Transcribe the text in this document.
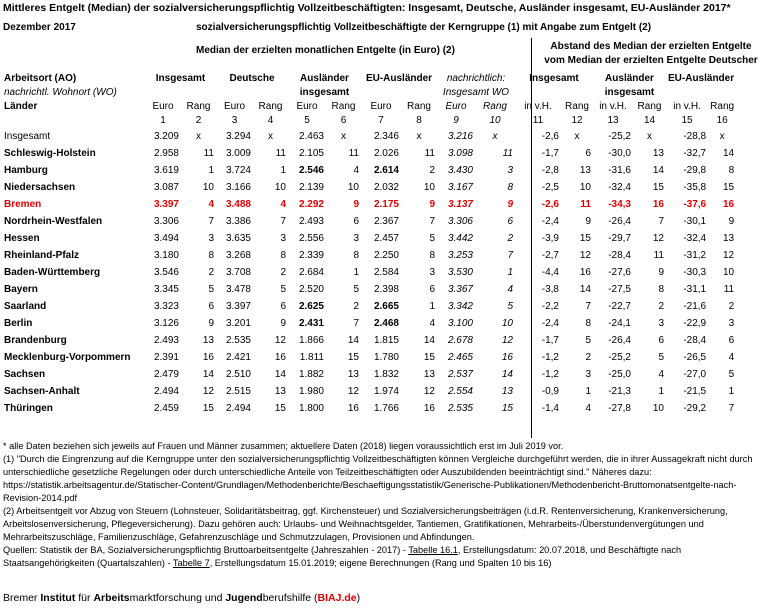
Mittleres Entgelt (Median) der sozialversicherungspflichtig Vollzeitbeschäftigten: Insgesamt, Deutsche, Ausländer insgesamt, EU-Ausländer 2017*
Dezember 2017	sozialversicherungspflichtig Vollzeitbeschäftigte der Kerngruppe (1) mit Angabe zum Entgelt (2)
Median der erzielten monatlichen Entgelte (in Euro) (2)	Abstand des Median der erzielten Entgelte vom Median der erzielten Entgelte Deutscher
Arbeitsort (AO)	Insgesamt		Deutsche		Ausländer		EU-Ausländer		nachrichtlich:		Insgesamt		Ausländer		EU-Ausländer	
nachrichtl. Wohnort (WO)					insgesamt				Insgesamt WO				insgesamt			
Länder	Euro	Rang	Euro	Rang	Euro	Rang	Euro	Rang	Euro	Rang	in v.H.	Rang	in v.H.	Rang	in v.H.	Rang
	1	2	3	4	5	6	7	8	9	10	11	12	13	14	15	16
Insgesamt	3.209	x	3.294	x	2.463	x	2.346	x	3.216	x	-2,6	x	-25,2	x	-28,8	x
Schleswig-Holstein	2.958	11	3.009	11	2.105	11	2.026	11	3.098	11	-1,7	6	-30,0	13	-32,7	14
Hamburg	3.619	1	3.724	1	2.546	4	2.614	2	3.430	3	-2,8	13	-31,6	14	-29,8	8
Niedersachsen	3.087	10	3.166	10	2.139	10	2.032	10	3.167	8	-2,5	10	-32,4	15	-35,8	15
Bremen	3.397	4	3.488	4	2.292	9	2.175	9	3.137	9	-2,6	11	-34,3	16	-37,6	16
Nordrhein-Westfalen	3.306	7	3.386	7	2.493	6	2.367	7	3.306	6	-2,4	9	-26,4	7	-30,1	9
Hessen	3.494	3	3.635	3	2.556	3	2.457	5	3.442	2	-3,9	15	-29,7	12	-32,4	13
Rheinland-Pfalz	3.180	8	3.268	8	2.339	8	2.250	8	3.253	7	-2,7	12	-28,4	11	-31,2	12
Baden-Württemberg	3.546	2	3.708	2	2.684	1	2.584	3	3.530	1	-4,4	16	-27,6	9	-30,3	10
Bayern	3.345	5	3.478	5	2.520	5	2.398	6	3.367	4	-3,8	14	-27,5	8	-31,1	11
Saarland	3.323	6	3.397	6	2.625	2	2.665	1	3.342	5	-2,2	7	-22,7	2	-21,6	2
Berlin	3.126	9	3.201	9	2.431	7	2.468	4	3.100	10	-2,4	8	-24,1	3	-22,9	3
Brandenburg	2.493	13	2.535	12	1.866	14	1.815	14	2.678	12	-1,7	5	-26,4	6	-28,4	6
Mecklenburg-Vorpommern	2.391	16	2.421	16	1.811	15	1.780	15	2.465	16	-1,2	2	-25,2	5	-26,5	4
Sachsen	2.479	14	2.510	14	1.882	13	1.832	13	2.537	14	-1,2	3	-25,0	4	-27,0	5
Sachsen-Anhalt	2.494	12	2.515	13	1.980	12	1.974	12	2.554	13	-0,9	1	-21,3	1	-21,5	1
Thüringen	2.459	15	2.494	15	1.800	16	1.766	16	2.535	15	-1,4	4	-27,8	10	-29,2	7

* alle Daten beziehen sich jeweils auf Frauen und Männer zusammen; aktuellere Daten (2018) liegen voraussichtlich erst im Juli 2019 vor.

(1) "Durch die Eingrenzung auf die Kerngruppe unter den sozialversicherungspflichtig Vollzeitbeschäftigten können Vergleiche durchgeführt werden, die in ihrer Aussagekraft nicht durch unterschiedliche gesetzliche Regelungen oder durch unterschiedliche Anteile von Teilzeitbeschäftigten oder Auszubildenden beeinträchtigt sind." Näheres dazu: https://statistik.arbeitsagentur.de/Statischer-Content/Grundlagen/Methodenberichte/Beschaeftigungsstatistik/Generische-Publikationen/Methodenbericht-Bruttomonatsentgelte-nach-Revision-2014.pdf

(2) Arbeitsentgelt vor Abzug von Steuern (Lohnsteuer, Solidaritätsbeitrag, ggf. Kirchensteuer) und Sozialversicherungsbeiträgen (i.d.R. Rentenversicherung, Krankenversicherung, Arbeitslosenversicherung, Pflegeversicherung). Dazu gehören auch: Urlaubs- und Weihnachtsgelder, Tantiemen, Gratifikationen, Mehrarbeits-/Überstundenvergütungen und Mehrarbeitszuschläge, Familienzuschläge, Gefahrenzuschläge und Schmutzzulagen, Provisionen und Abfindungen.

Quellen: Statistik der BA, Sozialversicherungspflichtig Bruttoarbeitsentgelte (Jahreszahlen - 2017) - Tabelle 16.1, Erstellungsdatum: 20.07.2018, und Beschäftigte nach Staatsangehörigkeiten (Quartalszahlen) - Tabelle 7, Erstellungsdatum 15.01.2019; eigene Berechnungen (Rang und Spalten 10 bis 16)

Bremer Institut für Arbeitsmarktforschung und Jugendberufshilfe (BIAJ.de)
